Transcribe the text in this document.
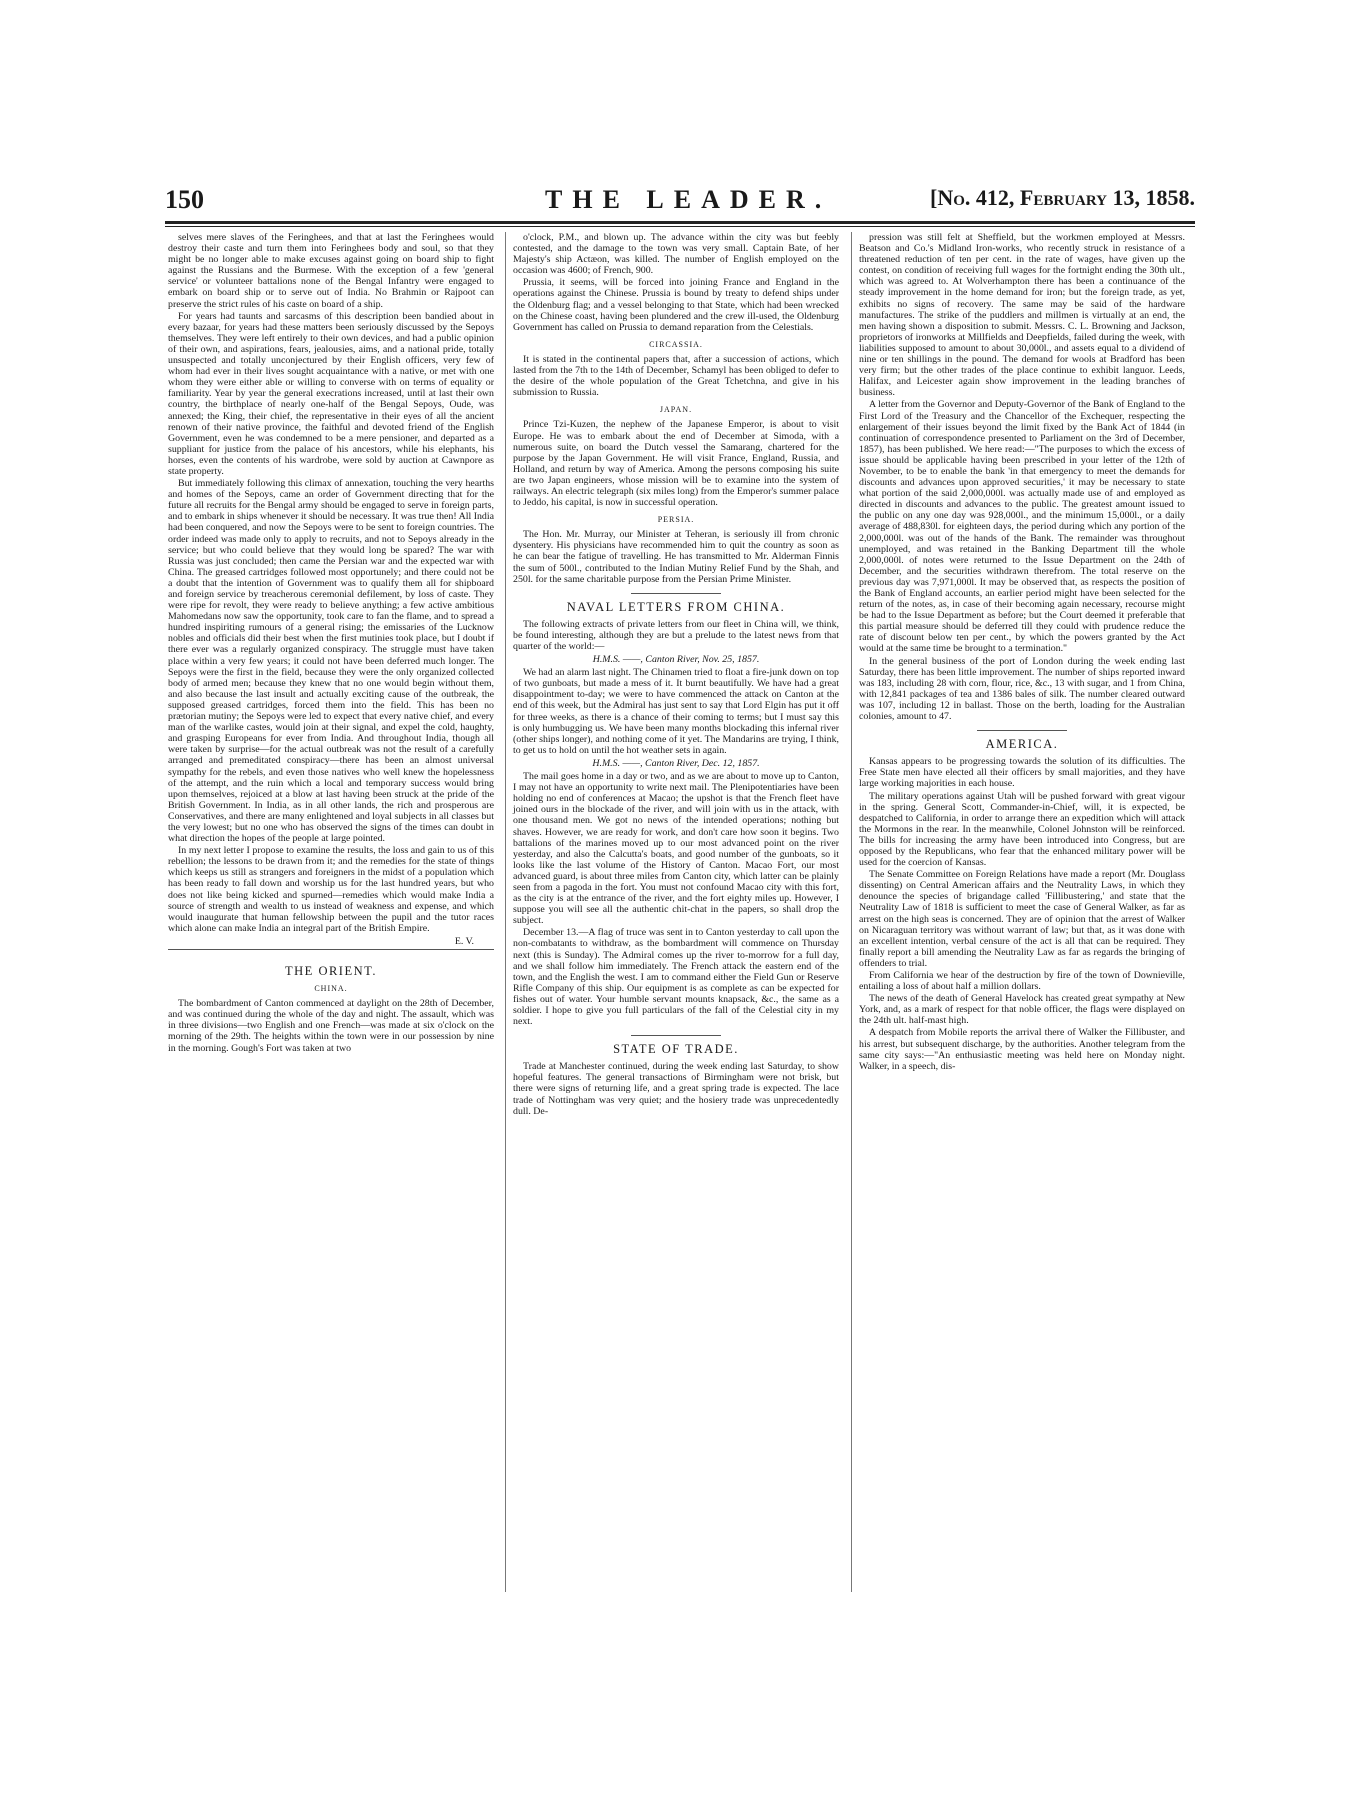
150	THE LEADER.	[No. 412, February 13, 1858.

selves mere slaves of the Feringhees, and that at last the Feringhees would destroy their caste and turn them into Feringhees body and soul, so that they might be no longer able to make excuses against going on board ship to fight against the Russians and the Burmese. With the exception of a few 'general service' or volunteer battalions none of the Bengal Infantry were engaged to embark on board ship or to serve out of India. No Brahmin or Rajpoot can preserve the strict rules of his caste on board of a ship.

For years had taunts and sarcasms of this description been bandied about in every bazaar, for years had these matters been seriously discussed by the Sepoys themselves. They were left entirely to their own devices, and had a public opinion of their own, and aspirations, fears, jealousies, aims, and a national pride, totally unsuspected and totally unconjectured by their English officers, very few of whom had ever in their lives sought acquaintance with a native, or met with one whom they were either able or willing to converse with on terms of equality or familiarity. Year by year the general execrations increased, until at last their own country, the birthplace of nearly one-half of the Bengal Sepoys, Oude, was annexed; the King, their chief, the representative in their eyes of all the ancient renown of their native province, the faithful and devoted friend of the English Government, even he was condemned to be a mere pensioner, and departed as a suppliant for justice from the palace of his ancestors, while his elephants, his horses, even the contents of his wardrobe, were sold by auction at Cawnpore as state property.

But immediately following this climax of annexation, touching the very hearths and homes of the Sepoys, came an order of Government directing that for the future all recruits for the Bengal army should be engaged to serve in foreign parts, and to embark in ships whenever it should be necessary. It was true then! All India had been conquered, and now the Sepoys were to be sent to foreign countries. The order indeed was made only to apply to recruits, and not to Sepoys already in the service; but who could believe that they would long be spared? The war with Russia was just concluded; then came the Persian war and the expected war with China. The greased cartridges followed most opportunely; and there could not be a doubt that the intention of Government was to qualify them all for shipboard and foreign service by treacherous ceremonial defilement, by loss of caste. They were ripe for revolt, they were ready to believe anything; a few active ambitious Mahomedans now saw the opportunity, took care to fan the flame, and to spread a hundred inspiriting rumours of a general rising; the emissaries of the Lucknow nobles and officials did their best when the first mutinies took place, but I doubt if there ever was a regularly organized conspiracy. The struggle must have taken place within a very few years; it could not have been deferred much longer. The Sepoys were the first in the field, because they were the only organized collected body of armed men; because they knew that no one would begin without them, and also because the last insult and actually exciting cause of the outbreak, the supposed greased cartridges, forced them into the field. This has been no prætorian mutiny; the Sepoys were led to expect that every native chief, and every man of the warlike castes, would join at their signal, and expel the cold, haughty, and grasping Europeans for ever from India. And throughout India, though all were taken by surprise—for the actual outbreak was not the result of a carefully arranged and premeditated conspiracy—there has been an almost universal sympathy for the rebels, and even those natives who well knew the hopelessness of the attempt, and the ruin which a local and temporary success would bring upon themselves, rejoiced at a blow at last having been struck at the pride of the British Government. In India, as in all other lands, the rich and prosperous are Conservatives, and there are many enlightened and loyal subjects in all classes but the very lowest; but no one who has observed the signs of the times can doubt in what direction the hopes of the people at large pointed.

In my next letter I propose to examine the results, the loss and gain to us of this rebellion; the lessons to be drawn from it; and the remedies for the state of things which keeps us still as strangers and foreigners in the midst of a population which has been ready to fall down and worship us for the last hundred years, but who does not like being kicked and spurned—remedies which would make India a source of strength and wealth to us instead of weakness and expense, and which would inaugurate that human fellowship between the pupil and the tutor races which alone can make India an integral part of the British Empire.

E. V.

THE ORIENT.

CHINA.

The bombardment of Canton commenced at daylight on the 28th of December, and was continued during the whole of the day and night. The assault, which was in three divisions—two English and one French—was made at six o'clock on the morning of the 29th. The heights within the town were in our possession by nine in the morning. Gough's Fort was taken at two

o'clock, P.M., and blown up. The advance within the city was but feebly contested, and the damage to the town was very small. Captain Bate, of her Majesty's ship Actæon, was killed. The number of English employed on the occasion was 4600; of French, 900.

Prussia, it seems, will be forced into joining France and England in the operations against the Chinese. Prussia is bound by treaty to defend ships under the Oldenburg flag; and a vessel belonging to that State, which had been wrecked on the Chinese coast, having been plundered and the crew ill-used, the Oldenburg Government has called on Prussia to demand reparation from the Celestials.

CIRCASSIA.

It is stated in the continental papers that, after a succession of actions, which lasted from the 7th to the 14th of December, Schamyl has been obliged to defer to the desire of the whole population of the Great Tchetchna, and give in his submission to Russia.

JAPAN.

Prince Tzi-Kuzen, the nephew of the Japanese Emperor, is about to visit Europe. He was to embark about the end of December at Simoda, with a numerous suite, on board the Dutch vessel the Samarang, chartered for the purpose by the Japan Government. He will visit France, England, Russia, and Holland, and return by way of America. Among the persons composing his suite are two Japan engineers, whose mission will be to examine into the system of railways. An electric telegraph (six miles long) from the Emperor's summer palace to Jeddo, his capital, is now in successful operation.

PERSIA.

The Hon. Mr. Murray, our Minister at Teheran, is seriously ill from chronic dysentery. His physicians have recommended him to quit the country as soon as he can bear the fatigue of travelling. He has transmitted to Mr. Alderman Finnis the sum of 500l., contributed to the Indian Mutiny Relief Fund by the Shah, and 250l. for the same charitable purpose from the Persian Prime Minister.

NAVAL LETTERS FROM CHINA.

The following extracts of private letters from our fleet in China will, we think, be found interesting, although they are but a prelude to the latest news from that quarter of the world:—

H.M.S. ——, Canton River, Nov. 25, 1857.

We had an alarm last night. The Chinamen tried to float a fire-junk down on top of two gunboats, but made a mess of it. It burnt beautifully. We have had a great disappointment to-day; we were to have commenced the attack on Canton at the end of this week, but the Admiral has just sent to say that Lord Elgin has put it off for three weeks, as there is a chance of their coming to terms; but I must say this is only humbugging us. We have been many months blockading this infernal river (other ships longer), and nothing come of it yet. The Mandarins are trying, I think, to get us to hold on until the hot weather sets in again.

H.M.S. ——, Canton River, Dec. 12, 1857.

The mail goes home in a day or two, and as we are about to move up to Canton, I may not have an opportunity to write next mail. The Plenipotentiaries have been holding no end of conferences at Macao; the upshot is that the French fleet have joined ours in the blockade of the river, and will join with us in the attack, with one thousand men. We got no news of the intended operations; nothing but shaves. However, we are ready for work, and don't care how soon it begins. Two battalions of the marines moved up to our most advanced point on the river yesterday, and also the Calcutta's boats, and good number of the gunboats, so it looks like the last volume of the History of Canton. Macao Fort, our most advanced guard, is about three miles from Canton city, which latter can be plainly seen from a pagoda in the fort. You must not confound Macao city with this fort, as the city is at the entrance of the river, and the fort eighty miles up. However, I suppose you will see all the authentic chit-chat in the papers, so shall drop the subject.

December 13.—A flag of truce was sent in to Canton yesterday to call upon the non-combatants to withdraw, as the bombardment will commence on Thursday next (this is Sunday). The Admiral comes up the river to-morrow for a full day, and we shall follow him immediately. The French attack the eastern end of the town, and the English the west. I am to command either the Field Gun or Reserve Rifle Company of this ship. Our equipment is as complete as can be expected for fishes out of water. Your humble servant mounts knapsack, &c., the same as a soldier. I hope to give you full particulars of the fall of the Celestial city in my next.

STATE OF TRADE.

Trade at Manchester continued, during the week ending last Saturday, to show hopeful features. The general transactions of Birmingham were not brisk, but there were signs of returning life, and a great spring trade is expected. The lace trade of Nottingham was very quiet; and the hosiery trade was unprecedentedly dull. De-

pression was still felt at Sheffield, but the workmen employed at Messrs. Beatson and Co.'s Midland Iron-works, who recently struck in resistance of a threatened reduction of ten per cent. in the rate of wages, have given up the contest, on condition of receiving full wages for the fortnight ending the 30th ult., which was agreed to. At Wolverhampton there has been a continuance of the steady improvement in the home demand for iron; but the foreign trade, as yet, exhibits no signs of recovery. The same may be said of the hardware manufactures. The strike of the puddlers and millmen is virtually at an end, the men having shown a disposition to submit. Messrs. C. L. Browning and Jackson, proprietors of ironworks at Millfields and Deepfields, failed during the week, with liabilities supposed to amount to about 30,000l., and assets equal to a dividend of nine or ten shillings in the pound. The demand for wools at Bradford has been very firm; but the other trades of the place continue to exhibit languor. Leeds, Halifax, and Leicester again show improvement in the leading branches of business.

A letter from the Governor and Deputy-Governor of the Bank of England to the First Lord of the Treasury and the Chancellor of the Exchequer, respecting the enlargement of their issues beyond the limit fixed by the Bank Act of 1844 (in continuation of correspondence presented to Parliament on the 3rd of December, 1857), has been published. We here read:—"The purposes to which the excess of issue should be applicable having been prescribed in your letter of the 12th of November, to be to enable the bank 'in that emergency to meet the demands for discounts and advances upon approved securities,' it may be necessary to state what portion of the said 2,000,000l. was actually made use of and employed as directed in discounts and advances to the public. The greatest amount issued to the public on any one day was 928,000l., and the minimum 15,000l., or a daily average of 488,830l. for eighteen days, the period during which any portion of the 2,000,000l. was out of the hands of the Bank. The remainder was throughout unemployed, and was retained in the Banking Department till the whole 2,000,000l. of notes were returned to the Issue Department on the 24th of December, and the securities withdrawn therefrom. The total reserve on the previous day was 7,971,000l. It may be observed that, as respects the position of the Bank of England accounts, an earlier period might have been selected for the return of the notes, as, in case of their becoming again necessary, recourse might be had to the Issue Department as before; but the Court deemed it preferable that this partial measure should be deferred till they could with prudence reduce the rate of discount below ten per cent., by which the powers granted by the Act would at the same time be brought to a termination."

In the general business of the port of London during the week ending last Saturday, there has been little improvement. The number of ships reported inward was 183, including 28 with corn, flour, rice, &c., 13 with sugar, and 1 from China, with 12,841 packages of tea and 1386 bales of silk. The number cleared outward was 107, including 12 in ballast. Those on the berth, loading for the Australian colonies, amount to 47.

AMERICA.

Kansas appears to be progressing towards the solution of its difficulties. The Free State men have elected all their officers by small majorities, and they have large working majorities in each house.

The military operations against Utah will be pushed forward with great vigour in the spring. General Scott, Commander-in-Chief, will, it is expected, be despatched to California, in order to arrange there an expedition which will attack the Mormons in the rear. In the meanwhile, Colonel Johnston will be reinforced. The bills for increasing the army have been introduced into Congress, but are opposed by the Republicans, who fear that the enhanced military power will be used for the coercion of Kansas.

The Senate Committee on Foreign Relations have made a report (Mr. Douglass dissenting) on Central American affairs and the Neutrality Laws, in which they denounce the species of brigandage called 'Fillibustering,' and state that the Neutrality Law of 1818 is sufficient to meet the case of General Walker, as far as arrest on the high seas is concerned. They are of opinion that the arrest of Walker on Nicaraguan territory was without warrant of law; but that, as it was done with an excellent intention, verbal censure of the act is all that can be required. They finally report a bill amending the Neutrality Law as far as regards the bringing of offenders to trial.

From California we hear of the destruction by fire of the town of Downieville, entailing a loss of about half a million dollars.

The news of the death of General Havelock has created great sympathy at New York, and, as a mark of respect for that noble officer, the flags were displayed on the 24th ult. half-mast high.

A despatch from Mobile reports the arrival there of Walker the Fillibuster, and his arrest, but subsequent discharge, by the authorities. Another telegram from the same city says:—"An enthusiastic meeting was held here on Monday night. Walker, in a speech, dis-
